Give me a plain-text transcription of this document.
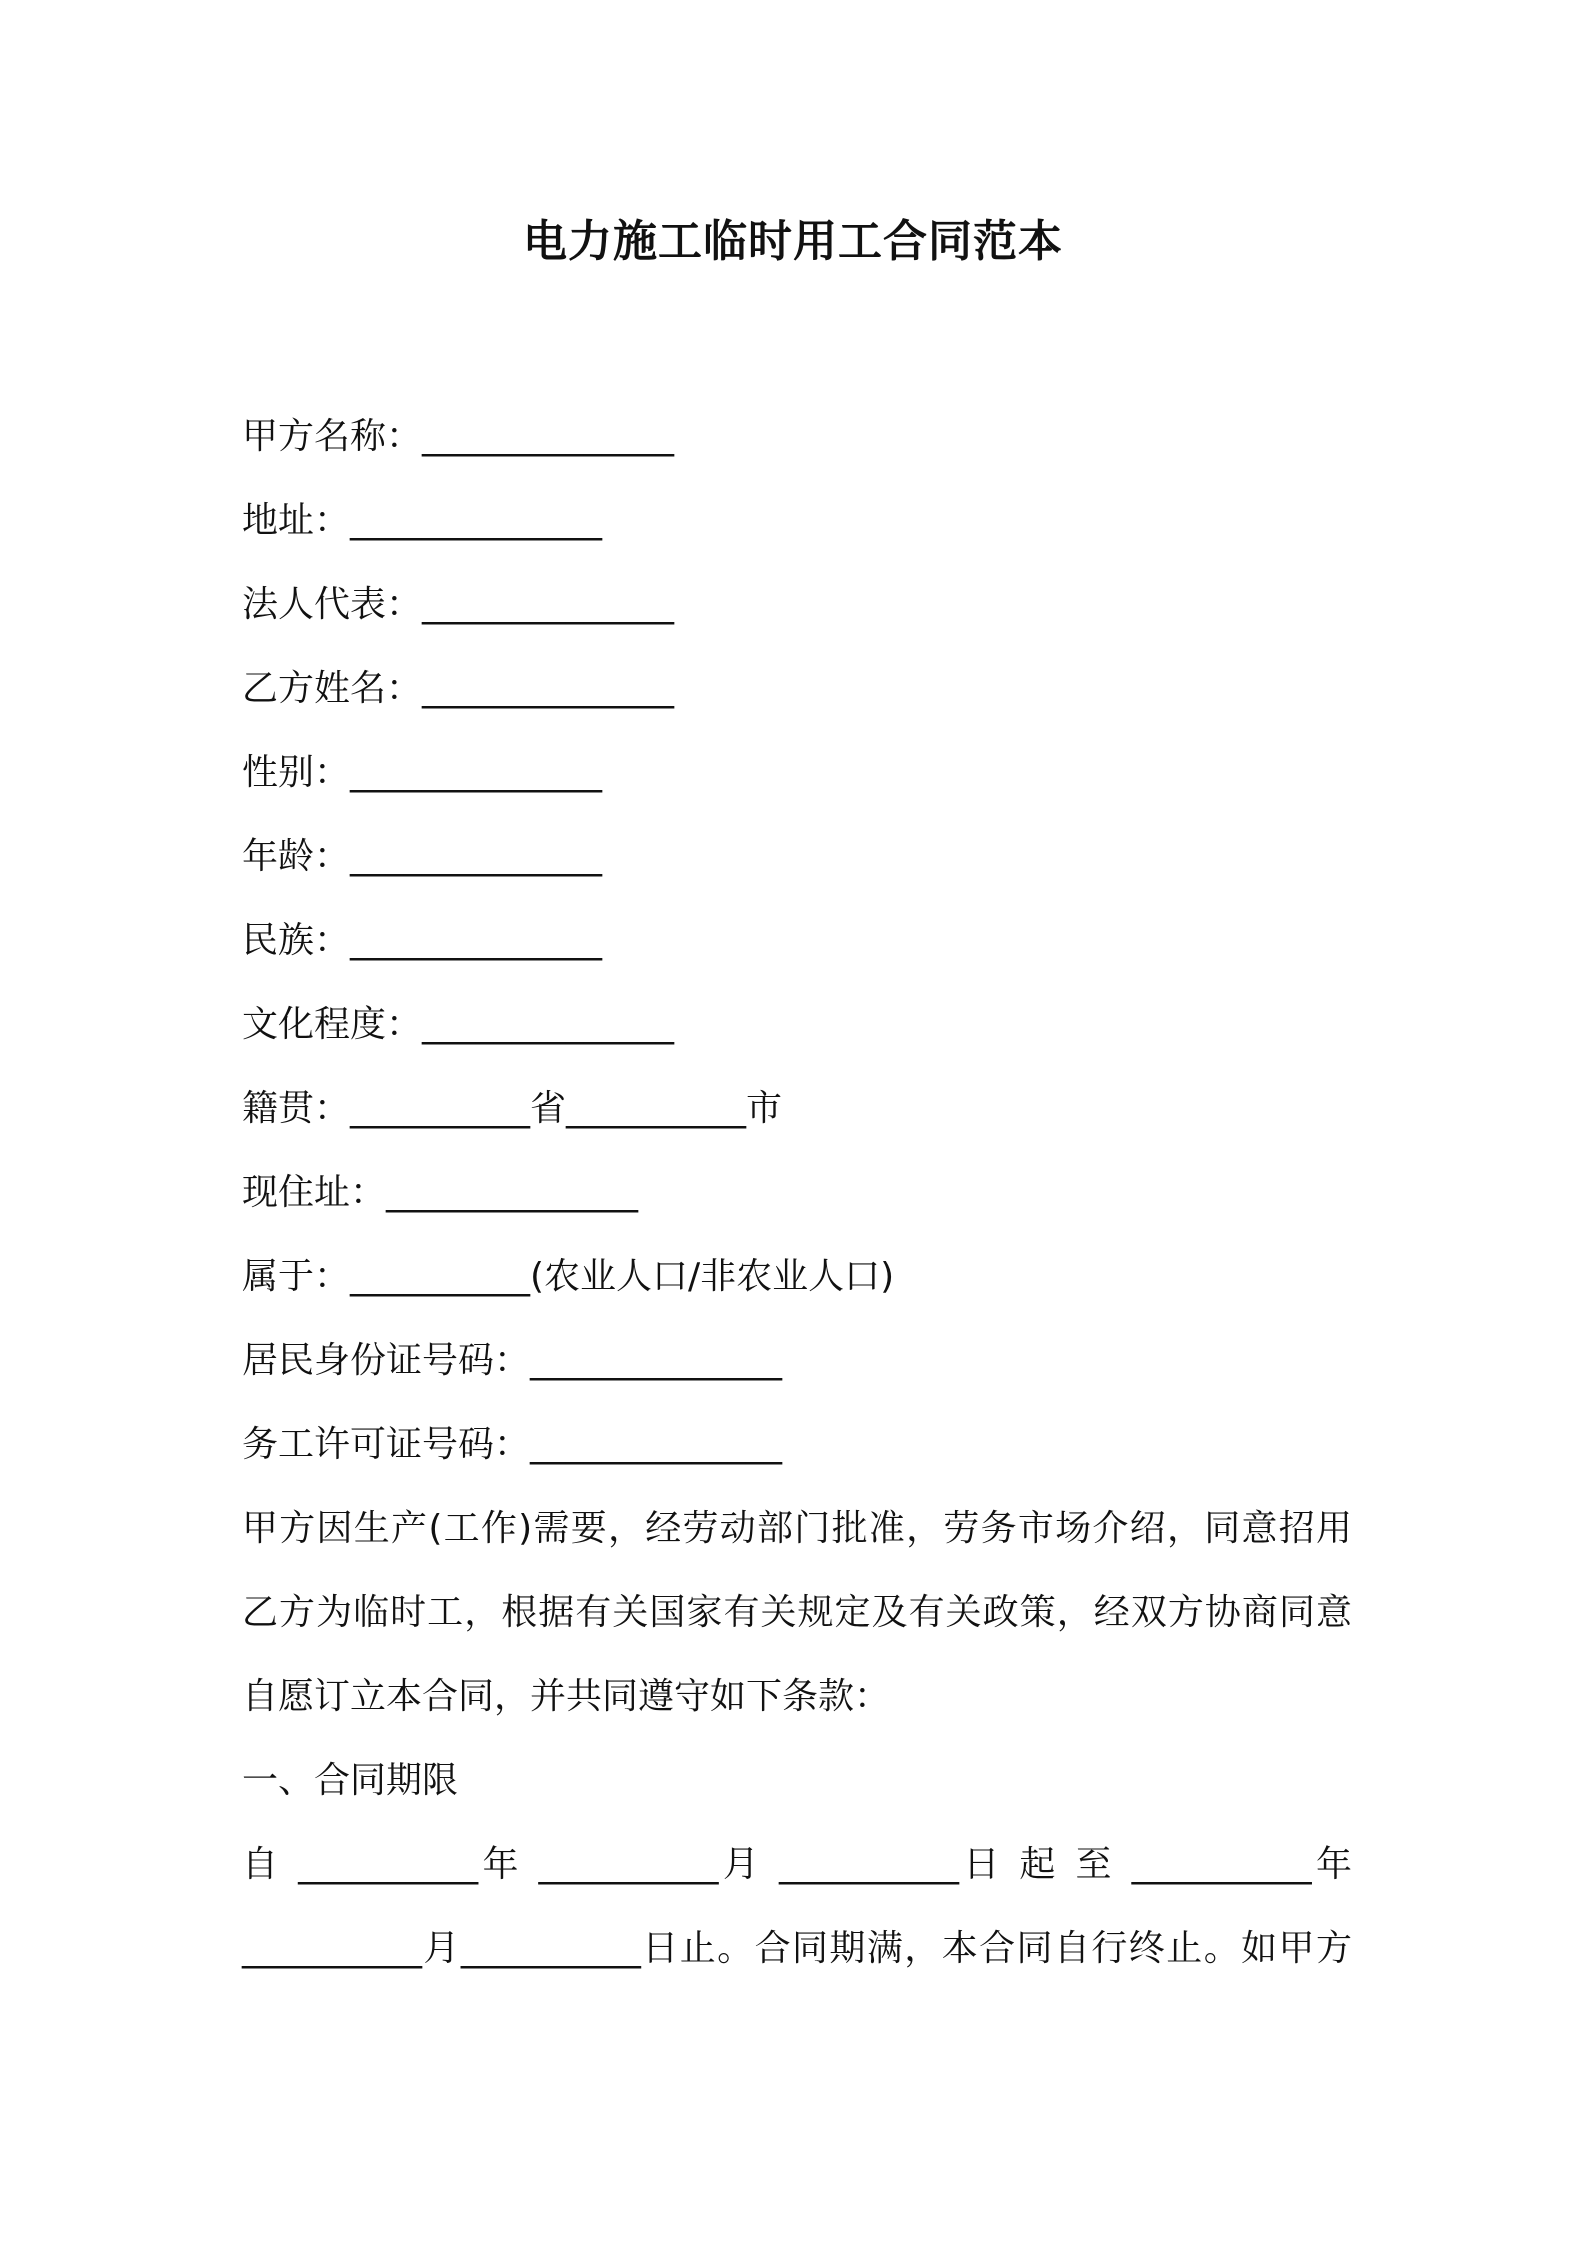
电力施工临时用工合同范本
甲方名称：______________
地址：______________
法人代表：______________
乙方姓名：______________
性别：______________
年龄：______________
民族：______________
文化程度：______________
籍贯：__________省__________市
现住址：______________
属于：__________(农业人口/非农业人口)
居民身份证号码：______________
务工许可证号码：______________
甲方因生产(工作)需要，经劳动部门批准，劳务市场介绍，同意招用
乙方为临时工，根据有关国家有关规定及有关政策，经双方协商同意
自愿订立本合同，并共同遵守如下条款：
一、合同期限
自 __________年 __________月 __________日 起 至 __________年
__________月__________日止。合同期满，本合同自行终止。如甲方
